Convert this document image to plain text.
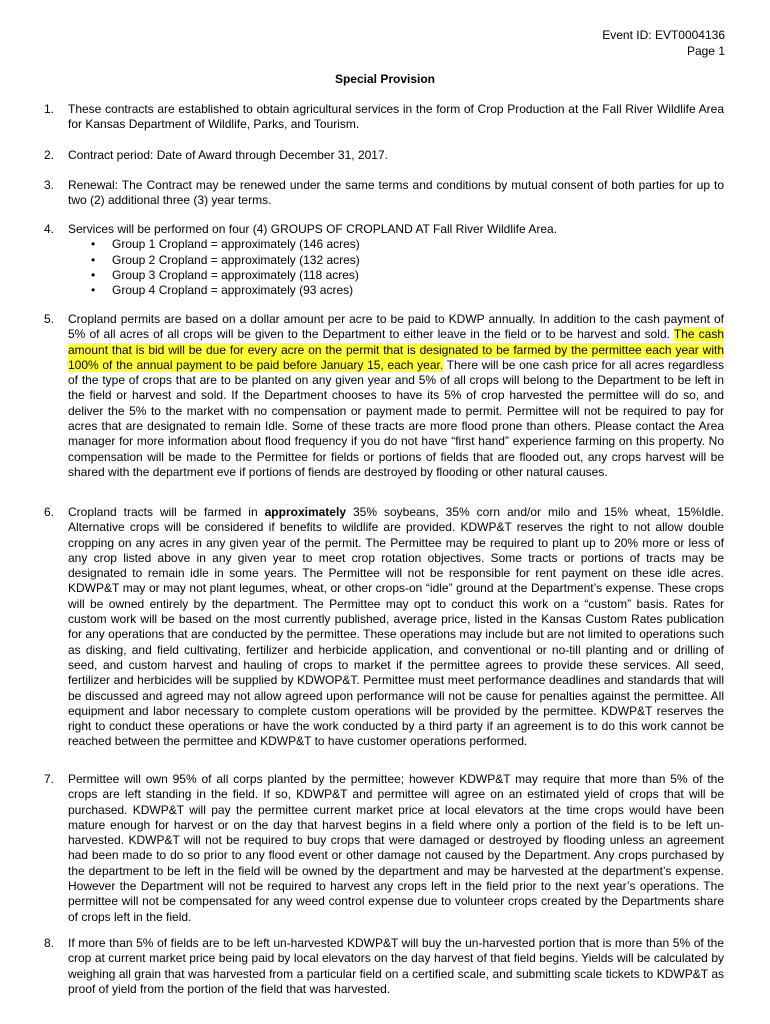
Event ID: EVT0004136
Page 1
Special Provision
1.	These contracts are established to obtain agricultural services in the form of Crop Production at the Fall River Wildlife Area for Kansas Department of Wildlife, Parks, and Tourism.
2.	Contract period: Date of Award through December 31, 2017.
3.	Renewal: The Contract may be renewed under the same terms and conditions by mutual consent of both parties for up to two (2) additional three (3) year terms.
4.	Services will be performed on four (4) GROUPS OF CROPLAND AT Fall River Wildlife Area.
• Group 1 Cropland = approximately (146 acres)
• Group 2 Cropland = approximately (132 acres)
• Group 3 Cropland = approximately (118 acres)
• Group 4 Cropland = approximately (93 acres)
5.	Cropland permits are based on a dollar amount per acre to be paid to KDWP annually. In addition to the cash payment of 5% of all acres of all crops will be given to the Department to either leave in the field or to be harvest and sold. The cash amount that is bid will be due for every acre on the permit that is designated to be farmed by the permittee each year with 100% of the annual payment to be paid before January 15, each year. There will be one cash price for all acres regardless of the type of crops that are to be planted on any given year and 5% of all crops will belong to the Department to be left in the field or harvest and sold. If the Department chooses to have its 5% of crop harvested the permittee will do so, and deliver the 5% to the market with no compensation or payment made to permit. Permittee will not be required to pay for acres that are designated to remain Idle. Some of these tracts are more flood prone than others. Please contact the Area manager for more information about flood frequency if you do not have “first hand” experience farming on this property. No compensation will be made to the Permittee for fields or portions of fields that are flooded out, any crops harvest will be shared with the department eve if portions of fiends are destroyed by flooding or other natural causes.
6.	Cropland tracts will be farmed in approximately 35% soybeans, 35% corn and/or milo and 15% wheat, 15%Idle. Alternative crops will be considered if benefits to wildlife are provided. KDWP&T reserves the right to not allow double cropping on any acres in any given year of the permit. The Permittee may be required to plant up to 20% more or less of any crop listed above in any given year to meet crop rotation objectives. Some tracts or portions of tracts may be designated to remain idle in some years. The Permittee will not be responsible for rent payment on these idle acres. KDWP&T may or may not plant legumes, wheat, or other crops-on “idle” ground at the Department’s expense. These crops will be owned entirely by the department. The Permittee may opt to conduct this work on a “custom” basis. Rates for custom work will be based on the most currently published, average price, listed in the Kansas Custom Rates publication for any operations that are conducted by the permittee. These operations may include but are not limited to operations such as disking, and field cultivating, fertilizer and herbicide application, and conventional or no-till planting and or drilling of seed, and custom harvest and hauling of crops to market if the permittee agrees to provide these services. All seed, fertilizer and herbicides will be supplied by KDWOP&T. Permittee must meet performance deadlines and standards that will be discussed and agreed may not allow agreed upon performance will not be cause for penalties against the permittee. All equipment and labor necessary to complete custom operations will be provided by the permittee. KDWP&T reserves the right to conduct these operations or have the work conducted by a third party if an agreement is to do this work cannot be reached between the permittee and KDWP&T to have customer operations performed.
7.	Permittee will own 95% of all corps planted by the permittee; however KDWP&T may require that more than 5% of the crops are left standing in the field. If so, KDWP&T and permittee will agree on an estimated yield of crops that will be purchased. KDWP&T will pay the permittee current market price at local elevators at the time crops would have been mature enough for harvest or on the day that harvest begins in a field where only a portion of the field is to be left un-harvested. KDWP&T will not be required to buy crops that were damaged or destroyed by flooding unless an agreement had been made to do so prior to any flood event or other damage not caused by the Department. Any crops purchased by the department to be left in the field will be owned by the department and may be harvested at the department’s expense. However the Department will not be required to harvest any crops left in the field prior to the next year’s operations. The permittee will not be compensated for any weed control expense due to volunteer crops created by the Departments share of crops left in the field.
8.	If more than 5% of fields are to be left un-harvested KDWP&T will buy the un-harvested portion that is more than 5% of the crop at current market price being paid by local elevators on the day harvest of that field begins. Yields will be calculated by weighing all grain that was harvested from a particular field on a certified scale, and submitting scale tickets to KDWP&T as proof of yield from the portion of the field that was harvested.
